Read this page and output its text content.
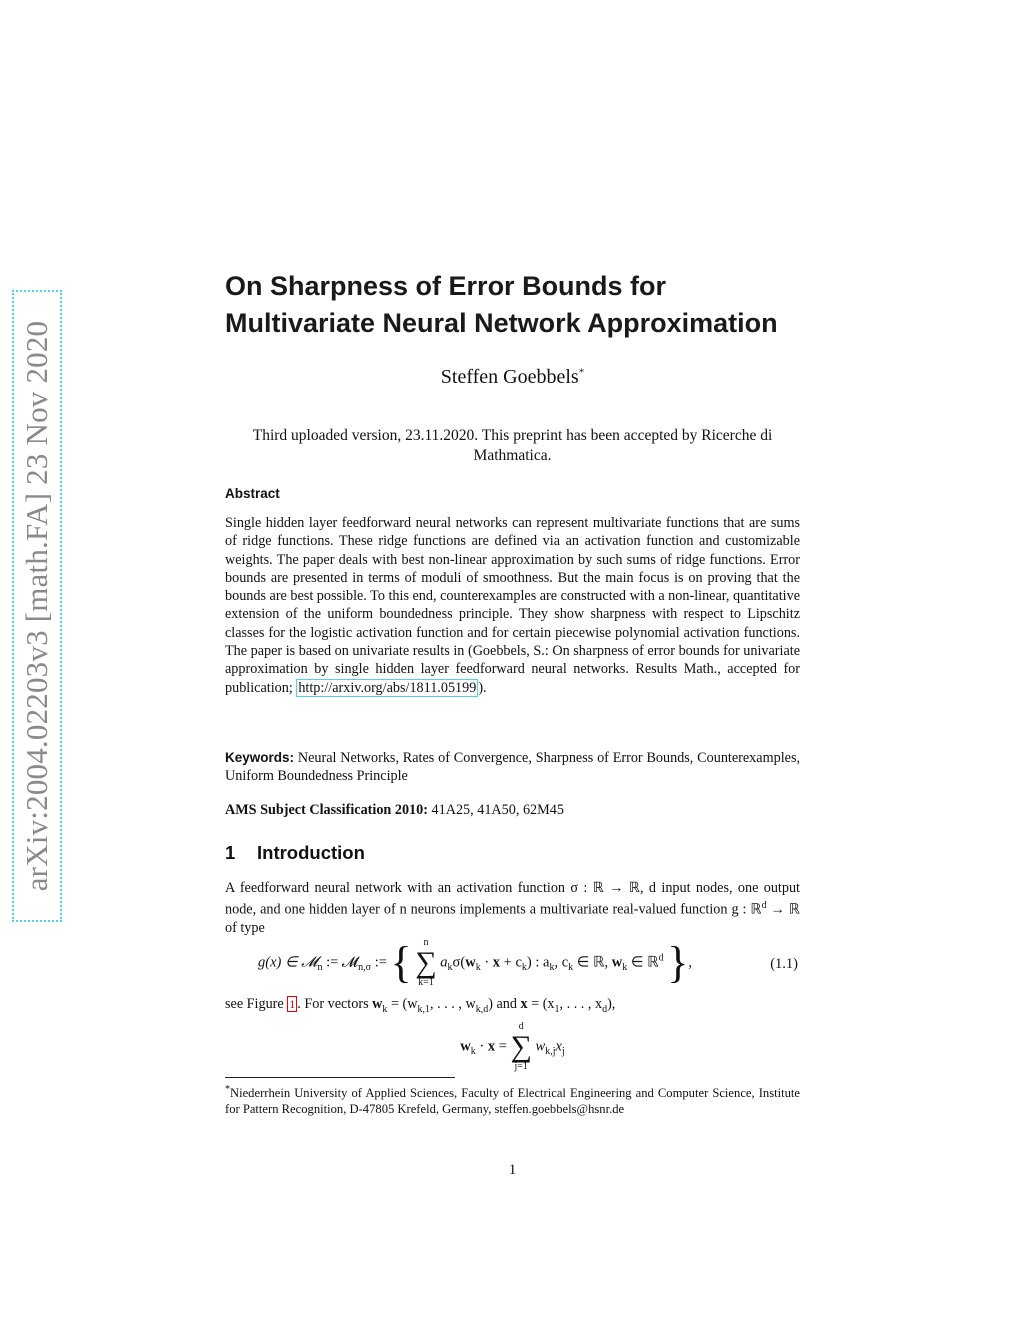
arXiv:2004.02203v3 [math.FA] 23 Nov 2020
On Sharpness of Error Bounds for
Multivariate Neural Network Approximation
Steffen Goebbels*
Third uploaded version, 23.11.2020. This preprint has been accepted by Ricerche di Mathmatica.
Abstract
Single hidden layer feedforward neural networks can represent multivariate functions that are sums of ridge functions. These ridge functions are defined via an activation function and customizable weights. The paper deals with best non-linear approximation by such sums of ridge functions. Error bounds are presented in terms of moduli of smoothness. But the main focus is on proving that the bounds are best possible. To this end, counterexamples are constructed with a non-linear, quantitative extension of the uniform boundedness principle. They show sharpness with respect to Lipschitz classes for the logistic activation function and for certain piecewise polynomial activation functions. The paper is based on univariate results in (Goebbels, S.: On sharpness of error bounds for univariate approximation by single hidden layer feedforward neural networks. Results Math., accepted for publication; http://arxiv.org/abs/1811.05199 ).
Keywords: Neural Networks, Rates of Convergence, Sharpness of Error Bounds, Counterexamples, Uniform Boundedness Principle
AMS Subject Classification 2010: 41A25, 41A50, 62M45
1 Introduction
A feedforward neural network with an activation function σ : ℝ → ℝ, d input nodes, one output node, and one hidden layer of n neurons implements a multivariate real-valued function g : ℝ$^d$ → ℝ of type
g(x) ∈ 𝓜$_n$ := 𝓜$_{n,\sigma}$ := {	n
∑
k=1
$a_k\sigma(w_k \cdot x + c_k)$ : $a_k$, $c_k$ ∈ ℝ, $w_k$ ∈ ℝ$^d$ },	(1.1)
see Figure 1 . For vectors $w_k = (w_{k,1}$, . . . , $w_{k,d}$) and $x = (x_1$, . . . , $x_d$),
$w_k \cdot x$ =
d
∑
j=1
$w_{k,j}x_j$
*Niederrhein University of Applied Sciences, Faculty of Electrical Engineering and Computer Science, Institute for Pattern Recognition, D-47805 Krefeld, Germany, steffen.goebbels@hsnr.de
1
